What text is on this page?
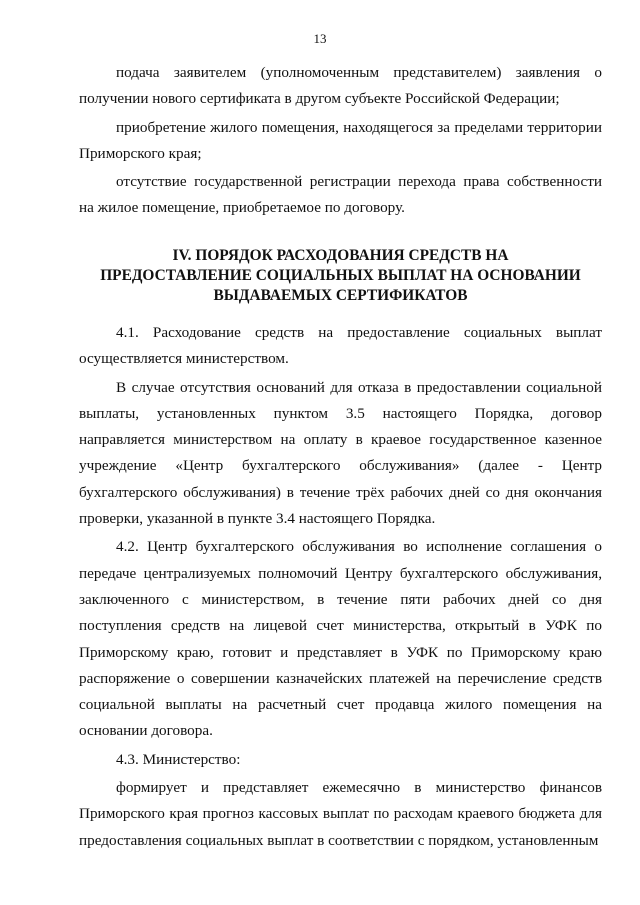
13

подача заявителем (уполномоченным представителем) заявления о получении нового сертификата в другом субъекте Российской Федерации;

приобретение жилого помещения, находящегося за пределами территории Приморского края;

отсутствие государственной регистрации перехода права собственности на жилое помещение, приобретаемое по договору.

IV. ПОРЯДОК РАСХОДОВАНИЯ СРЕДСТВ НА
ПРЕДОСТАВЛЕНИЕ СОЦИАЛЬНЫХ ВЫПЛАТ НА ОСНОВАНИИ
ВЫДАВАЕМЫХ СЕРТИФИКАТОВ

4.1. Расходование средств на предоставление социальных выплат осуществляется министерством.

В случае отсутствия оснований для отказа в предоставлении социальной выплаты, установленных пунктом 3.5 настоящего Порядка, договор направляется министерством на оплату в краевое государственное казенное учреждение «Центр бухгалтерского обслуживания» (далее - Центр бухгалтерского обслуживания) в течение трёх рабочих дней со дня окончания проверки, указанной в пункте 3.4 настоящего Порядка.

4.2. Центр бухгалтерского обслуживания во исполнение соглашения о передаче централизуемых полномочий Центру бухгалтерского обслуживания, заключенного с министерством, в течение пяти рабочих дней со дня поступления средств на лицевой счет министерства, открытый в УФК по Приморскому краю, готовит и представляет в УФК по Приморскому краю распоряжение о совершении казначейских платежей на перечисление средств социальной выплаты на расчетный счет продавца жилого помещения на основании договора.

4.3. Министерство:

формирует и представляет ежемесячно в министерство финансов Приморского края прогноз кассовых выплат по расходам краевого бюджета для предоставления социальных выплат в соответствии с порядком, установленным
